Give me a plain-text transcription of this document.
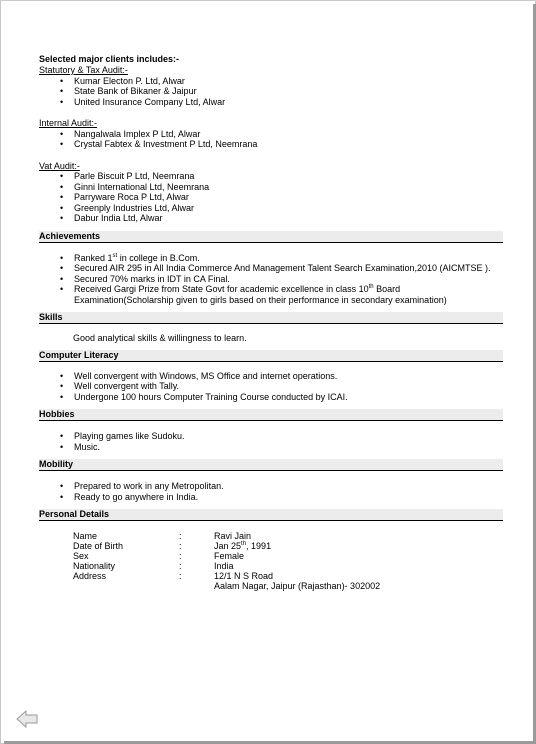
Selected major clients includes:-
Statutory & Tax Audit:-
• Kumar Electon P. Ltd, Alwar
• State Bank of Bikaner & Jaipur
• United Insurance Company Ltd, Alwar
Internal Audit:-
• Nangalwala Implex P Ltd, Alwar
• Crystal Fabtex & Investment P Ltd, Neemrana
Vat Audit:-
• Parle Biscuit P Ltd, Neemrana
• Ginni International Ltd, Neemrana
• Parryware Roca P Ltd, Alwar
• Greenply Industries Ltd, Alwar
• Dabur India Ltd, Alwar
Achievements
• Ranked 1st in college in B.Com.
• Secured AIR 295 in All India Commerce And Management Talent Search Examination,2010 (AICMTSE ).
• Secured 70% marks in IDT in CA Final.
• Received Gargi Prize from State Govt for academic excellence in class 10th Board Examination(Scholarship given to girls based on their performance in secondary examination)
Skills
Good analytical skills & willingness to learn.
Computer Literacy
• Well convergent with Windows, MS Office and internet operations.
• Well convergent with Tally.
• Undergone 100 hours Computer Training Course conducted by ICAI.
Hobbies
• Playing games like Sudoku.
• Music.
Mobility
• Prepared to work in any Metropolitan.
• Ready to go anywhere in India.
Personal Details
Name	:	Ravi Jain
Date of Birth	:	Jan 25th, 1991
Sex	:	Female
Nationality	:	India
Address	:	12/1 N S Road
Aalam Nagar, Jaipur (Rajasthan)- 302002
